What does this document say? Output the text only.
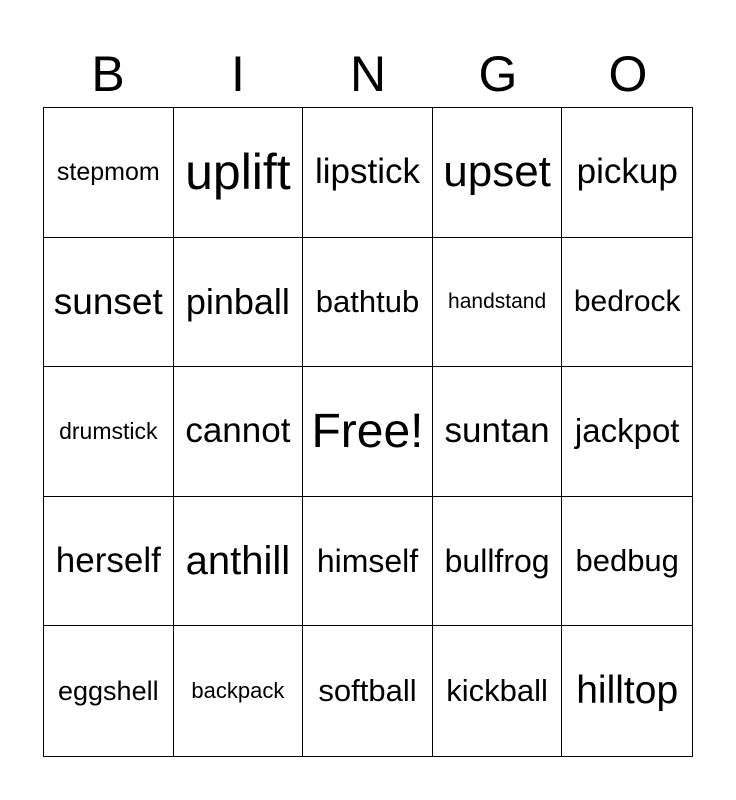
B	I	N	G	O
stepmom uplift lipstick upset pickup
sunset pinball bathtub	handstand bedrock
drumstick cannot Free! suntan jackpot
herself anthill himself bullfrog bedbug
eggshell	backpack	softball kickball hilltop
